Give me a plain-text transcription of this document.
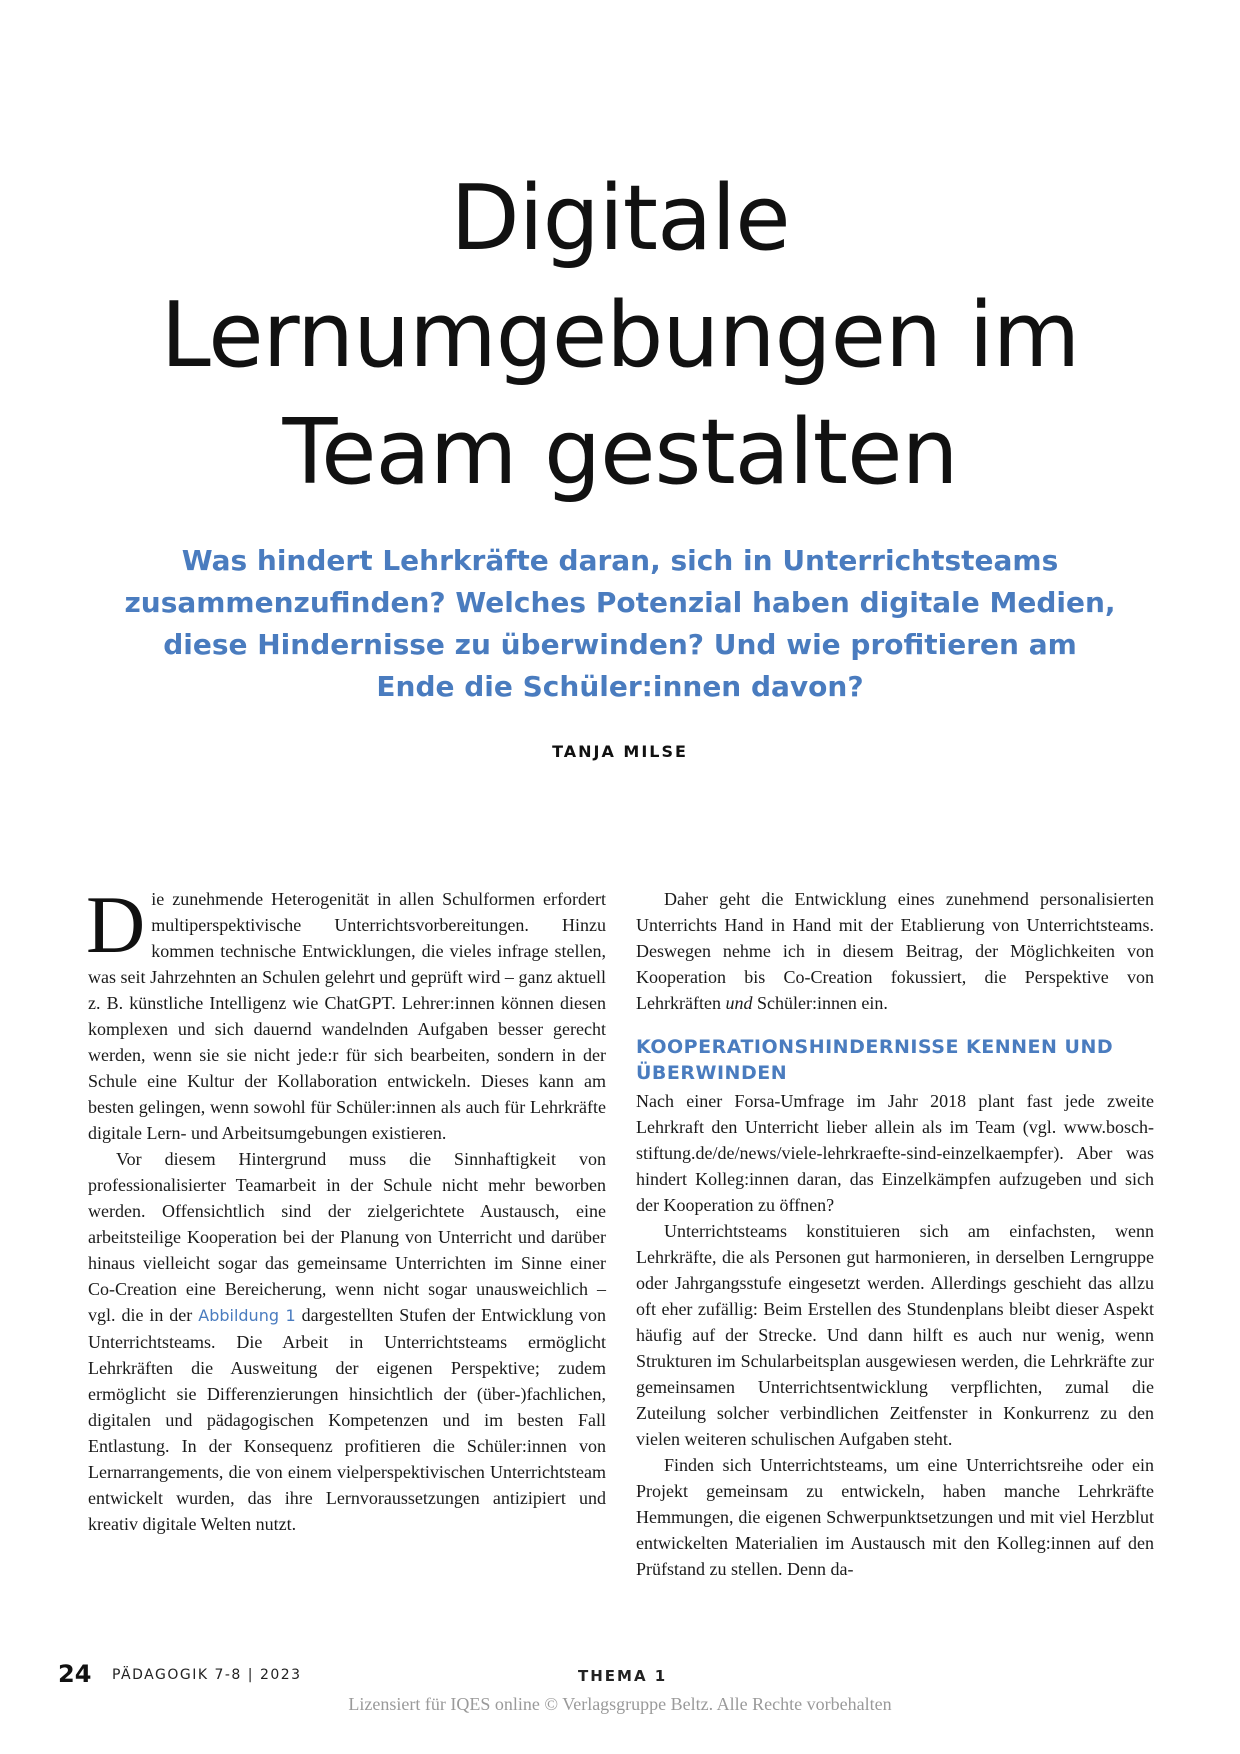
Digitale
Lernumgebungen im
Team gestalten

Was hindert Lehrkräfte daran, sich in Unterrichtsteams
zusammenzufinden? Welches Potenzial haben digitale Medien,
diese Hindernisse zu überwinden? Und wie profitieren am
Ende die Schüler:innen davon?

TANJA MILSE

Die zunehmende Heterogenität in allen Schulformen erfordert multiperspektivische Unterrichtsvorbereitungen. Hinzu kommen technische Entwicklungen, die vieles infrage stellen, was seit Jahrzehnten an Schulen gelehrt und geprüft wird – ganz aktuell z. B. künstliche Intelligenz wie ChatGPT. Lehrer:innen können diesen komplexen und sich dauernd wandelnden Aufgaben besser gerecht werden, wenn sie sie nicht jede:r für sich bearbeiten, sondern in der Schule eine Kultur der Kollaboration entwickeln. Dieses kann am besten gelingen, wenn sowohl für Schüler:innen als auch für Lehrkräfte digitale Lern- und Arbeitsumgebungen existieren.

Vor diesem Hintergrund muss die Sinnhaftigkeit von professionalisierter Teamarbeit in der Schule nicht mehr beworben werden. Offensichtlich sind der zielgerichtete Austausch, eine arbeitsteilige Kooperation bei der Planung von Unterricht und darüber hinaus vielleicht sogar das gemeinsame Unterrichten im Sinne einer Co-Creation eine Bereicherung, wenn nicht sogar unausweichlich – vgl. die in der Abbildung 1 dargestellten Stufen der Entwicklung von Unterrichtsteams. Die Arbeit in Unterrichtsteams ermöglicht Lehrkräften die Ausweitung der eigenen Perspektive; zudem ermöglicht sie Differenzierungen hinsichtlich der (über-)fachlichen, digitalen und pädagogischen Kompetenzen und im besten Fall Entlastung. In der Konsequenz profitieren die Schüler:innen von Lernarrangements, die von einem vielperspektivischen Unterrichtsteam entwickelt wurden, das ihre Lernvoraussetzungen antizipiert und kreativ digitale Welten nutzt.

Daher geht die Entwicklung eines zunehmend personalisierten Unterrichts Hand in Hand mit der Etablierung von Unterrichtsteams. Deswegen nehme ich in diesem Beitrag, der Möglichkeiten von Kooperation bis Co-Creation fokussiert, die Perspektive von Lehrkräften und Schüler:innen ein.

KOOPERATIONSHINDERNISSE KENNEN UND ÜBERWINDEN

Nach einer Forsa-Umfrage im Jahr 2018 plant fast jede zweite Lehrkraft den Unterricht lieber allein als im Team (vgl. www.bosch-stiftung.de/de/news/viele-lehrkraefte-sind-einzelkaempfer). Aber was hindert Kolleg:innen daran, das Einzelkämpfen aufzugeben und sich der Kooperation zu öffnen?

Unterrichtsteams konstituieren sich am einfachsten, wenn Lehrkräfte, die als Personen gut harmonieren, in derselben Lerngruppe oder Jahrgangsstufe eingesetzt werden. Allerdings geschieht das allzu oft eher zufällig: Beim Erstellen des Stundenplans bleibt dieser Aspekt häufig auf der Strecke. Und dann hilft es auch nur wenig, wenn Strukturen im Schularbeitsplan ausgewiesen werden, die Lehrkräfte zur gemeinsamen Unterrichtsentwicklung verpflichten, zumal die Zuteilung solcher verbindlichen Zeitfenster in Konkurrenz zu den vielen weiteren schulischen Aufgaben steht.

Finden sich Unterrichtsteams, um eine Unterrichtsreihe oder ein Projekt gemeinsam zu entwickeln, haben manche Lehrkräfte Hemmungen, die eigenen Schwerpunktsetzungen und mit viel Herzblut entwickelten Materialien im Austausch mit den Kolleg:innen auf den Prüfstand zu stellen. Denn da-

24 PÄDAGOGIK 7-8 | 2023	THEMA 1
Lizensiert für IQES online © Verlagsgruppe Beltz. Alle Rechte vorbehalten
